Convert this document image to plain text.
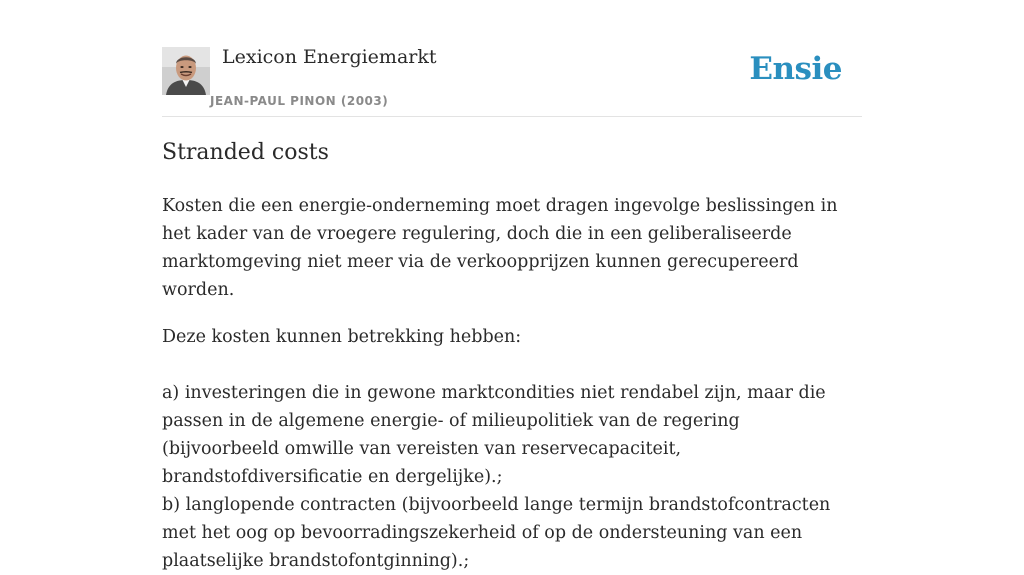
Lexicon Energiemarkt
JEAN-PAUL PINON (2003)
Ensie
Stranded costs

Kosten die een energie-onderneming moet dragen ingevolge beslissingen in het kader van de vroegere regulering, doch die in een geliberaliseerde marktomgeving niet meer via de verkoopprijzen kunnen gerecupereerd worden.

Deze kosten kunnen betrekking hebben:

a) investeringen die in gewone marktcondities niet rendabel zijn, maar die passen in de algemene energie- of milieupolitiek van de regering (bijvoorbeeld omwille van vereisten van reservecapaciteit, brandstofdiversificatie en dergelijke).;
b) langlopende contracten (bijvoorbeeld lange termijn brandstofcontracten met het oog op bevoorradingszekerheid of op de ondersteuning van een plaatselijke brandstofontginning).;
